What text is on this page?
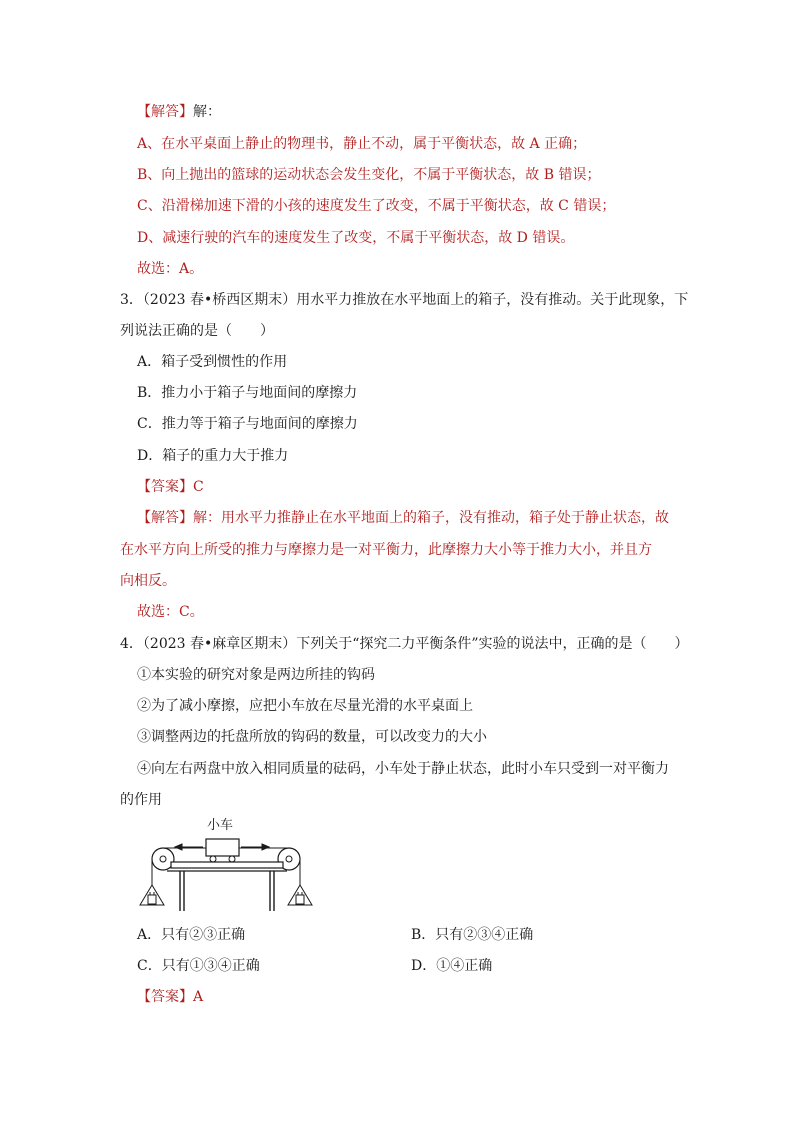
【解答】解：
A、在水平桌面上静止的物理书，静止不动，属于平衡状态，故 A 正确；
B、向上抛出的篮球的运动状态会发生变化，不属于平衡状态，故 B 错误；
C、沿滑梯加速下滑的小孩的速度发生了改变，不属于平衡状态，故 C 错误；
D、减速行驶的汽车的速度发生了改变，不属于平衡状态，故 D 错误。
故选：A。
3．（2023 春•桥西区期末）用水平力推放在水平地面上的箱子，没有推动。关于此现象，下
列说法正确的是（　　）
A．箱子受到惯性的作用
B．推力小于箱子与地面间的摩擦力
C．推力等于箱子与地面间的摩擦力
D．箱子的重力大于推力
【答案】C
【解答】解：用水平力推静止在水平地面上的箱子，没有推动，箱子处于静止状态，故
在水平方向上所受的推力与摩擦力是一对平衡力，此摩擦力大小等于推力大小，并且方
向相反。
故选：C。
4．（2023 春•麻章区期末）下列关于“探究二力平衡条件”实验的说法中，正确的是（　　）
①本实验的研究对象是两边所挂的钩码
②为了减小摩擦，应把小车放在尽量光滑的水平桌面上
③调整两边的托盘所放的钩码的数量，可以改变力的大小
④向左右两盘中放入相同质量的砝码，小车处于静止状态，此时小车只受到一对平衡力
的作用
小车
A．只有②③正确	B．只有②③④正确
C．只有①③④正确	D．①④正确
【答案】A
